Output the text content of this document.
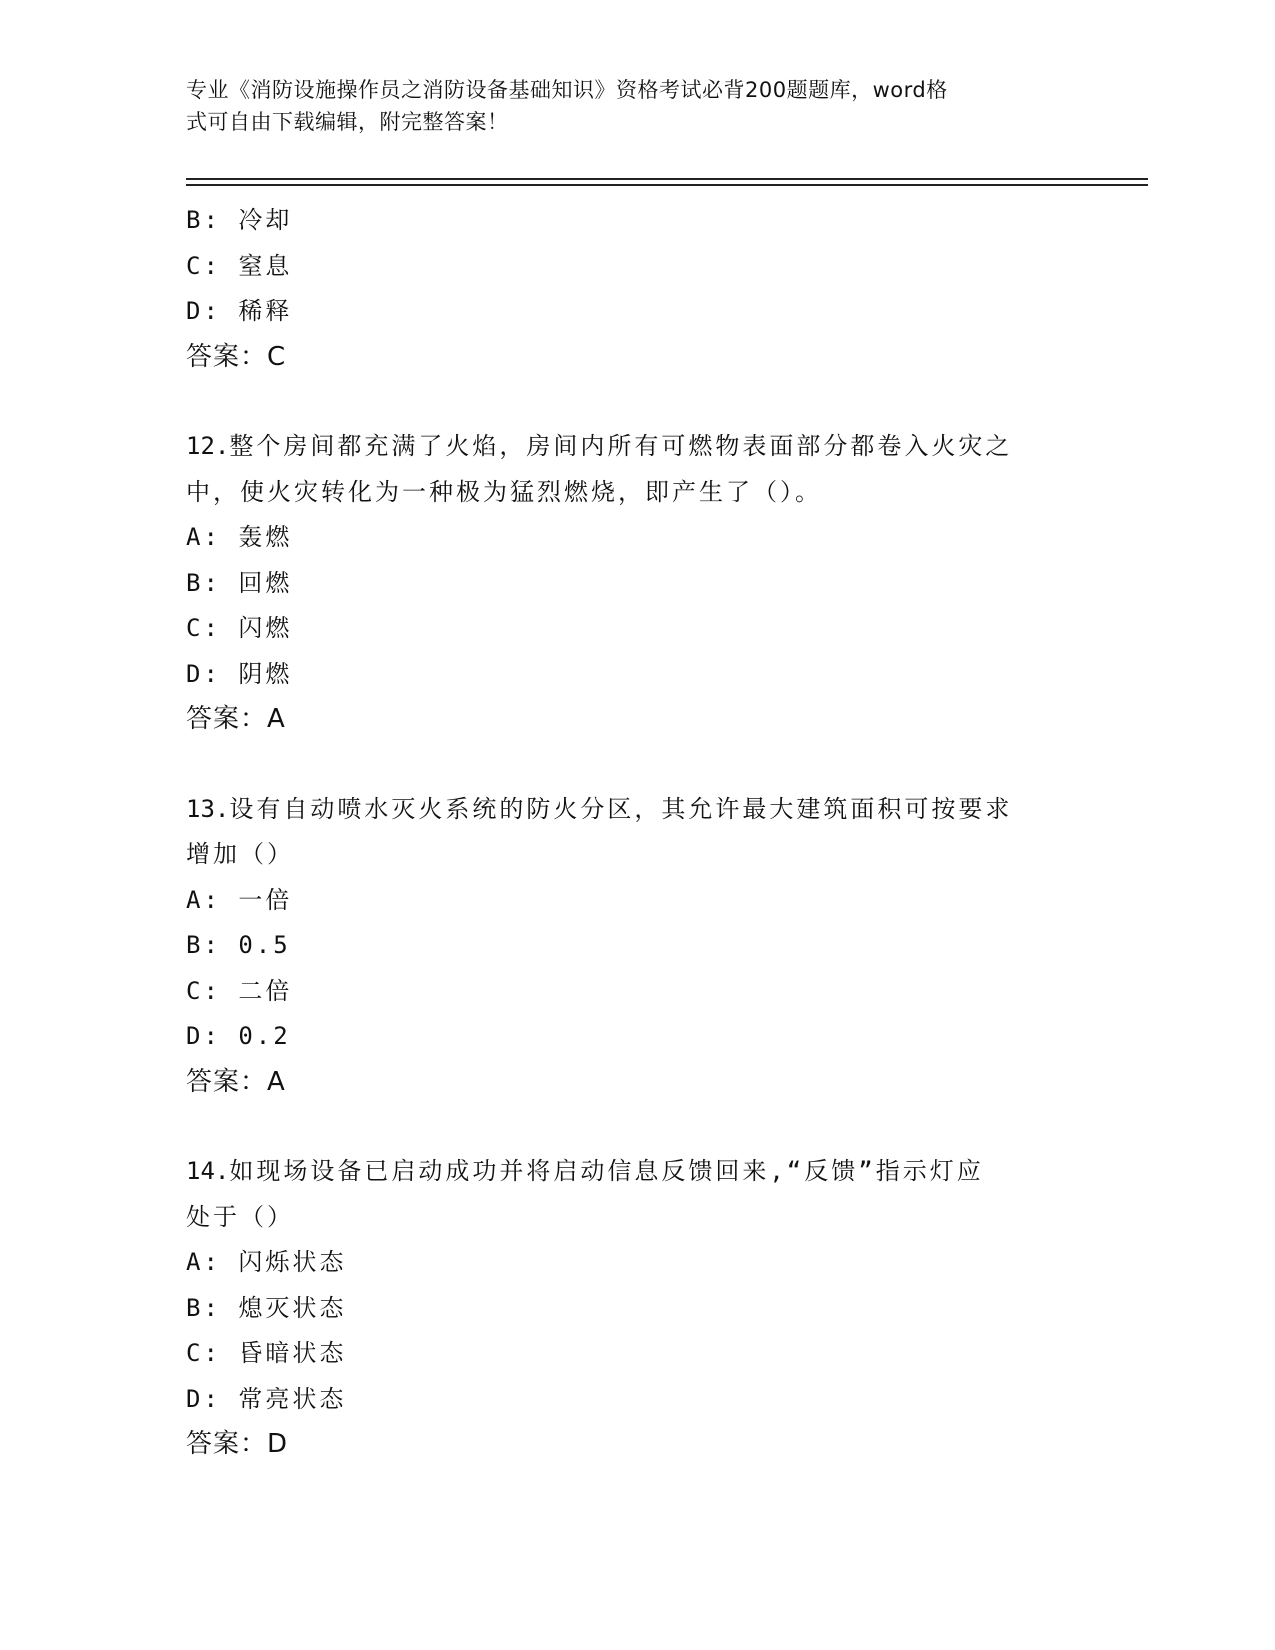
专业《消防设施操作员之消防设备基础知识》资格考试必背200题题库，word格
式可自由下载编辑，附完整答案！
B: 冷却
C: 窒息
D: 稀释
答案：C
12.整个房间都充满了火焰，房间内所有可燃物表面部分都卷入火灾之
中，使火灾转化为一种极为猛烈燃烧，即产生了（）。
A: 轰燃
B: 回燃
C: 闪燃
D: 阴燃
答案：A
13.设有自动喷水灭火系统的防火分区，其允许最大建筑面积可按要求
增加（）
A: 一倍
B: 0.5
C: 二倍
D: 0.2
答案：A
14.如现场设备已启动成功并将启动信息反馈回来,“反馈”指示灯应
处于（）
A: 闪烁状态
B: 熄灭状态
C: 昏暗状态
D: 常亮状态
答案：D
